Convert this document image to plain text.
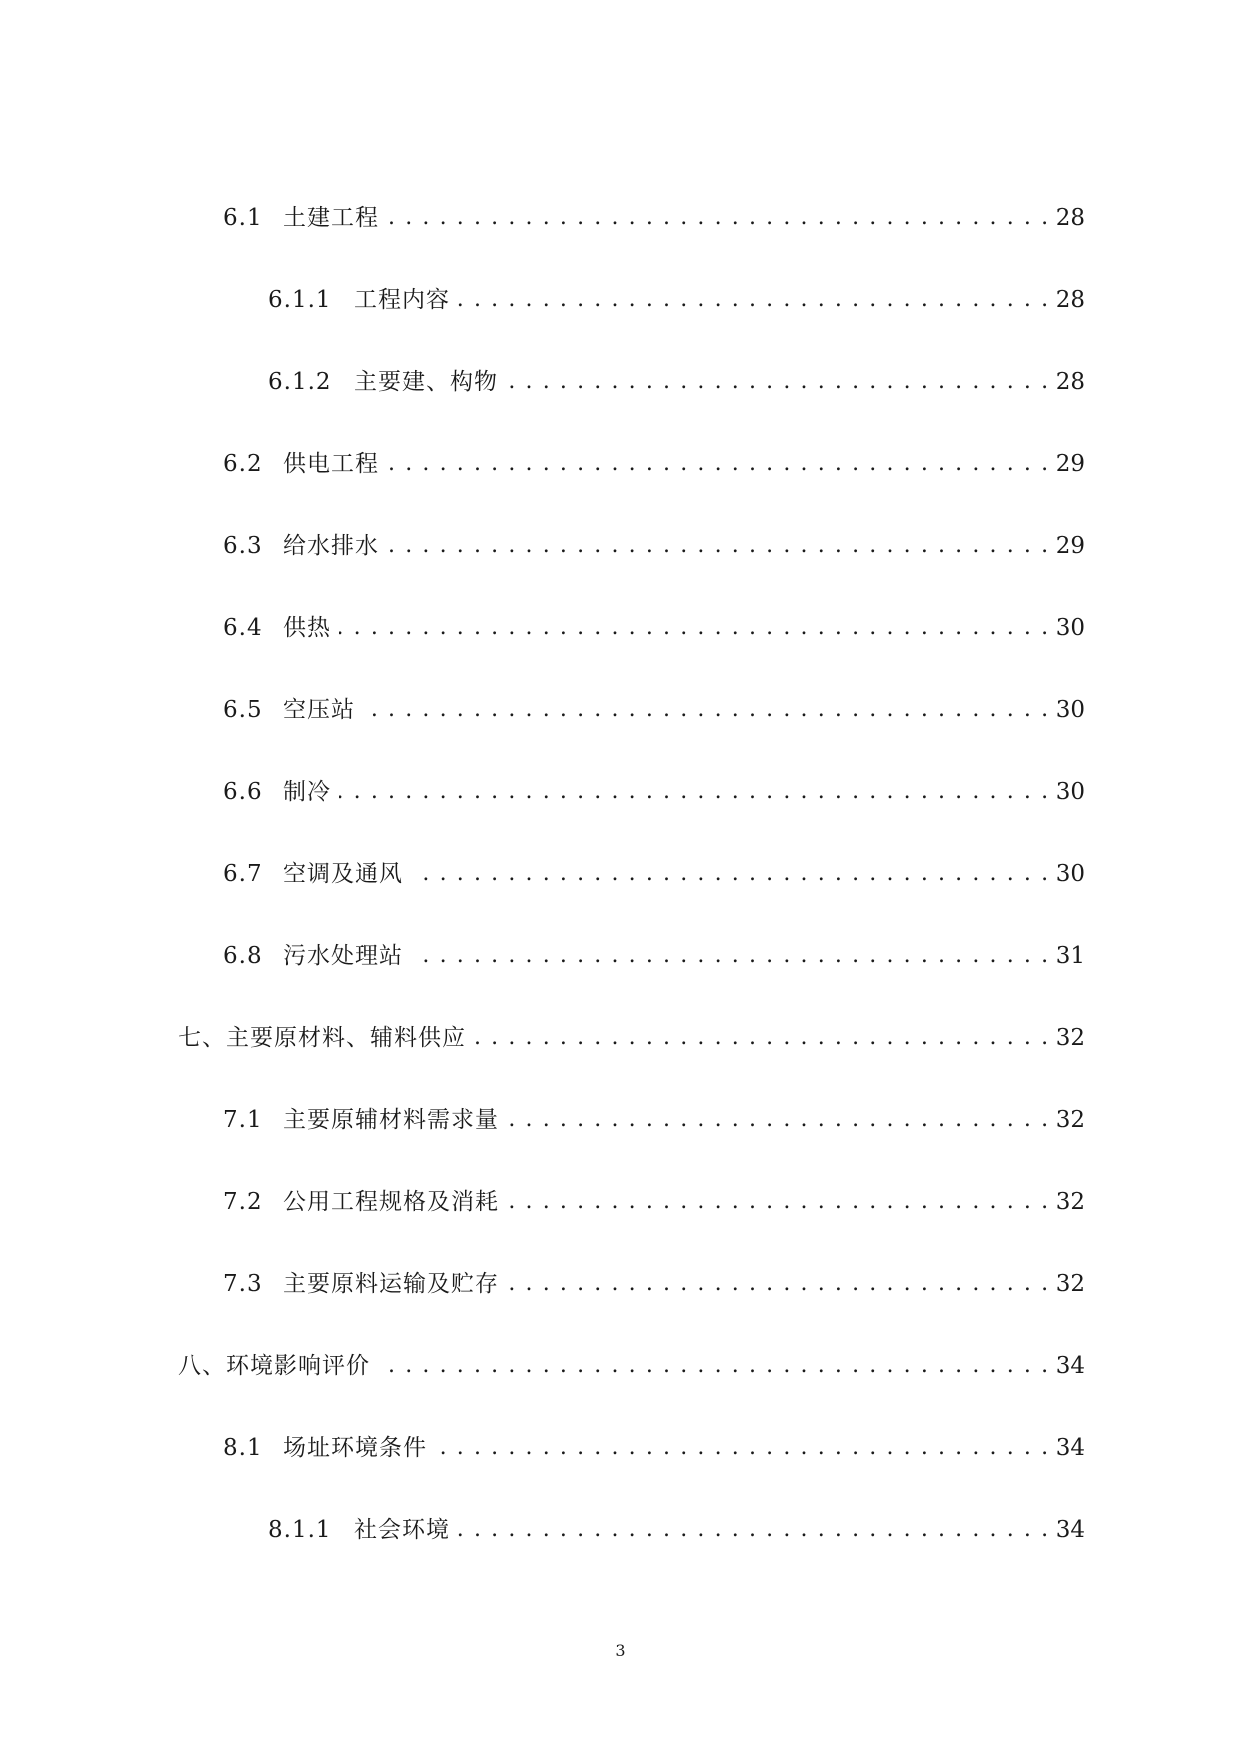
6.1 土建工程 . . .	28
6.1.1 工程内容 . . .	28
6.1.2 主要建、构物 . . .	28
6.2 供电工程 . . .	29
6.3 给水排水 . . .	29
6.4 供热 . . .	30
6.5 空压站 . . .	30
6.6 制冷 . . .	30
6.7 空调及通风 . . .	30
6.8 污水处理站 . . .	31
七、主要原材料、辅料供应 . . .	32
7.1 主要原辅材料需求量 . . .	32
7.2 公用工程规格及消耗 . . .	32
7.3 主要原料运输及贮存 . . .	32
八、环境影响评价 . . .	34
8.1 场址环境条件 . . .	34
8.1.1 社会环境 . . .	34
3
